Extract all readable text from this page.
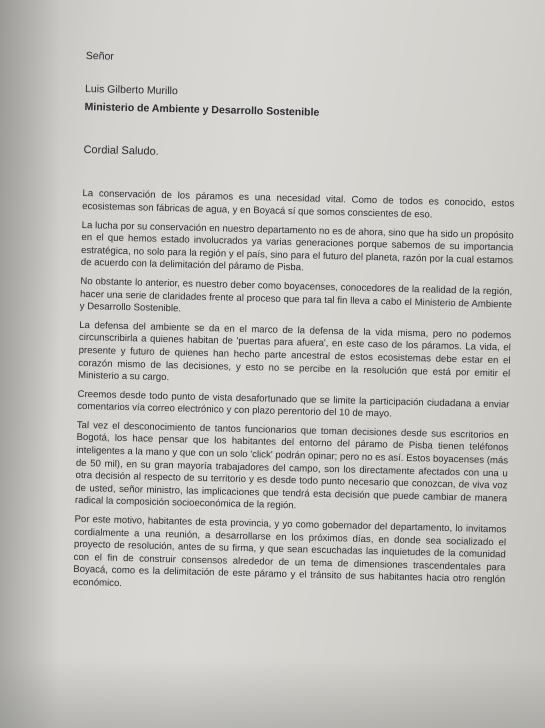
Señor

Luis Gilberto Murillo

Ministerio de Ambiente y Desarrollo Sostenible

Cordial Saludo.

La conservación de los páramos es una necesidad vital. Como de todos es conocido, estos ecosistemas son fábricas de agua, y en Boyacá sí que somos conscientes de eso.

La lucha por su conservación en nuestro departamento no es de ahora, sino que ha sido un propósito en el que hemos estado involucrados ya varias generaciones porque sabemos de su importancia estratégica, no solo para la región y el país, sino para el futuro del planeta, razón por la cual estamos de acuerdo con la delimitación del páramo de Pisba.

No obstante lo anterior, es nuestro deber como boyacenses, conocedores de la realidad de la región, hacer una serie de claridades frente al proceso que para tal fin lleva a cabo el Ministerio de Ambiente y Desarrollo Sostenible.

La defensa del ambiente se da en el marco de la defensa de la vida misma, pero no podemos circunscribirla a quienes habitan de 'puertas para afuera', en este caso de los páramos. La vida, el presente y futuro de quienes han hecho parte ancestral de estos ecosistemas debe estar en el corazón mismo de las decisiones, y esto no se percibe en la resolución que está por emitir el Ministerio a su cargo.

Creemos desde todo punto de vista desafortunado que se limite la participación ciudadana a enviar comentarios vía correo electrónico y con plazo perentorio del 10 de mayo.

Tal vez el desconocimiento de tantos funcionarios que toman decisiones desde sus escritorios en Bogotá, los hace pensar que los habitantes del entorno del páramo de Pisba tienen teléfonos inteligentes a la mano y que con un solo 'click' podrán opinar; pero no es así. Estos boyacenses (más de 50 mil), en su gran mayoría trabajadores del campo, son los directamente afectados con una u otra decisión al respecto de su territorio y es desde todo punto necesario que conozcan, de viva voz de usted, señor ministro, las implicaciones que tendrá esta decisión que puede cambiar de manera radical la composición socioeconómica de la región.

Por este motivo, habitantes de esta provincia, y yo como gobernador del departamento, lo invitamos cordialmente a una reunión, a desarrollarse en los próximos días, en donde sea socializado el proyecto de resolución, antes de su firma, y que sean escuchadas las inquietudes de la comunidad con el fin de construir consensos alrededor de un tema de dimensiones trascendentales para Boyacá, como es la delimitación de este páramo y el tránsito de sus habitantes hacia otro renglón económico.
